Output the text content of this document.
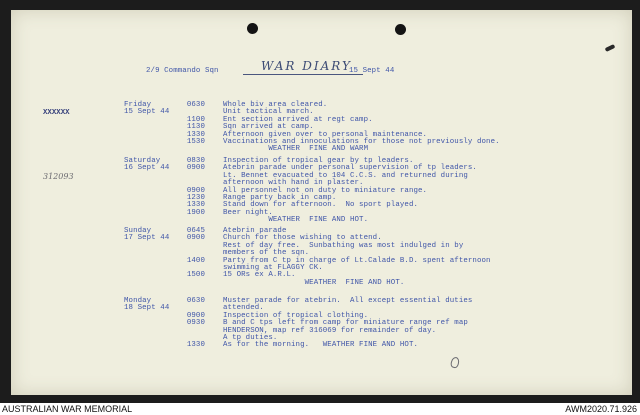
WAR DIARY
2/9 Commando Sqn	15 Sept 44
XXXXXX
312093
Friday
15 Sept 44
0630 Whole biv area cleared.
Unit tactical march.
1100 Ent section arrived at regt camp.
1130 Sqn arrived at camp.
1330 Afternoon given over to personal maintenance.
1530 Vaccinations and innoculations for those not previously done.
WEATHER  FINE AND WARM
Saturday
16 Sept 44
0830 Inspection of tropical gear by tp leaders.
0900 Atebrin parade under personal supervision of tp leaders.
Lt. Bennet evacuated to 104 C.C.S. and returned during
afternoon with hand in plaster.
0900 All personnel not on duty to miniature range.
1230 Range party back in camp.
1330 Stand down for afternoon.  No sport played.
1900 Beer night.
WEATHER  FINE AND HOT.
Sunday
17 Sept 44
0645 Atebrin parade
0900 Church for those wishing to attend.
Rest of day free.  Sunbathing was most indulged in by
members of the sqn.
1400 Party from C tp in charge of Lt.Calade B.D. spent afternoon
swimming at FLAGGY CK.
1500 15 ORs ex A.R.L.
WEATHER  FINE AND HOT.
Monday
18 Sept 44
0630 Muster parade for atebrin.  All except essential duties
attended.
0900 Inspection of tropical clothing.
0930 B and C tps left from camp for miniature range ref map
HENDERSON, map ref 316069 for remainder of day.
A tp duties.
1330 As for the morning.   WEATHER FINE AND HOT.
AUSTRALIAN WAR MEMORIAL	AWM2020.71.926
